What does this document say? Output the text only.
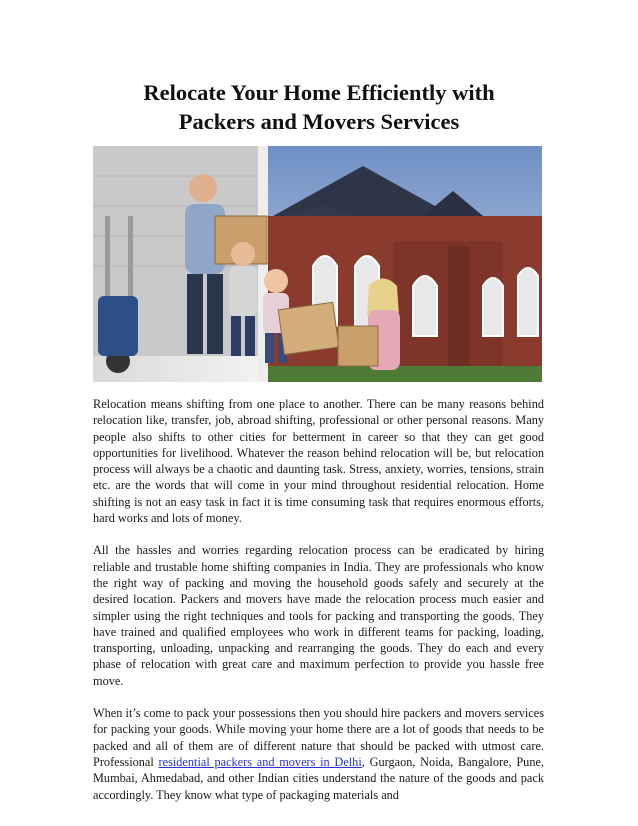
Relocate Your Home Efficiently with
Packers and Movers Services

Relocation means shifting from one place to another. There can be many reasons behind relocation like, transfer, job, abroad shifting, professional or other personal reasons. Many people also shifts to other cities for betterment in career so that they can get good opportunities for livelihood. Whatever the reason behind relocation will be, but relocation process will always be a chaotic and daunting task. Stress, anxiety, worries, tensions, strain etc. are the words that will come in your mind throughout residential relocation. Home shifting is not an easy task in fact it is time consuming task that requires enormous efforts, hard works and lots of money.

All the hassles and worries regarding relocation process can be eradicated by hiring reliable and trustable home shifting companies in India. They are professionals who know the right way of packing and moving the household goods safely and securely at the desired location. Packers and movers have made the relocation process much easier and simpler using the right techniques and tools for packing and transporting the goods. They have trained and qualified employees who work in different teams for packing, loading, transporting, unloading, unpacking and rearranging the goods. They do each and every phase of relocation with great care and maximum perfection to provide you hassle free move.

When it’s come to pack your possessions then you should hire packers and movers services for packing your goods. While moving your home there are a lot of goods that needs to be packed and all of them are of different nature that should be packed with utmost care. Professional residential packers and movers in Delhi, Gurgaon, Noida, Bangalore, Pune, Mumbai, Ahmedabad, and other Indian cities understand the nature of the goods and pack accordingly. They know what type of packaging materials and
